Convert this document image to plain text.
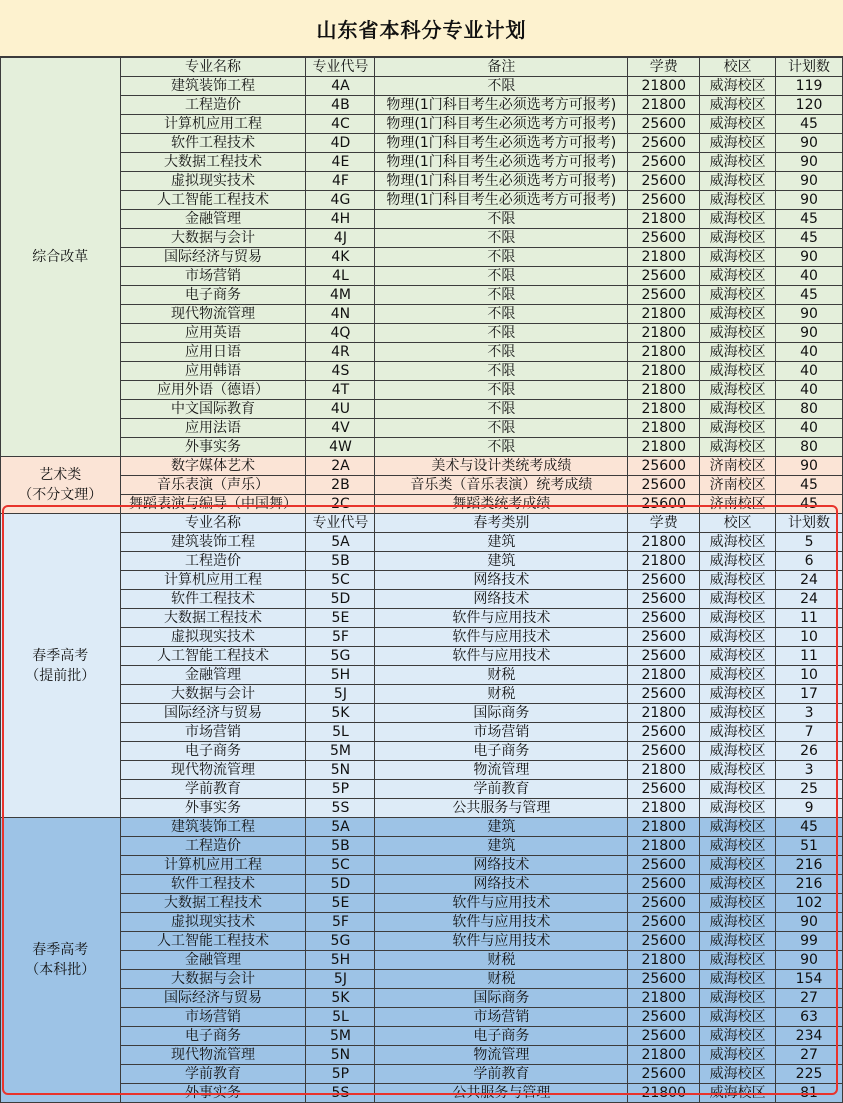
山东省本科分专业计划
综合改革	专业名称	专业代号	备注	学费	校区	计划数
	建筑装饰工程	4A	不限	21800	威海校区	119
	工程造价	4B	物理(1门科目考生必须选考方可报考)	21800	威海校区	120
	计算机应用工程	4C	物理(1门科目考生必须选考方可报考)	25600	威海校区	45
	软件工程技术	4D	物理(1门科目考生必须选考方可报考)	25600	威海校区	90
	大数据工程技术	4E	物理(1门科目考生必须选考方可报考)	25600	威海校区	90
	虚拟现实技术	4F	物理(1门科目考生必须选考方可报考)	25600	威海校区	90
	人工智能工程技术	4G	物理(1门科目考生必须选考方可报考)	25600	威海校区	90
	金融管理	4H	不限	21800	威海校区	45
	大数据与会计	4J	不限	25600	威海校区	45
	国际经济与贸易	4K	不限	21800	威海校区	90
	市场营销	4L	不限	25600	威海校区	40
	电子商务	4M	不限	25600	威海校区	45
	现代物流管理	4N	不限	21800	威海校区	90
	应用英语	4Q	不限	21800	威海校区	90
	应用日语	4R	不限	21800	威海校区	40
	应用韩语	4S	不限	21800	威海校区	40
	应用外语（德语）	4T	不限	21800	威海校区	40
	中文国际教育	4U	不限	21800	威海校区	80
	应用法语	4V	不限	21800	威海校区	40
	外事实务	4W	不限	21800	威海校区	80
艺术类
（不分文理）	数字媒体艺术	2A	美术与设计类统考成绩	25600	济南校区	90
	音乐表演（声乐）	2B	音乐类（音乐表演）统考成绩	25600	济南校区	45
	舞蹈表演与编导（中国舞）	2C	舞蹈类统考成绩	25600	济南校区	45
春季高考
（提前批）	专业名称	专业代号	春考类别	学费	校区	计划数
	建筑装饰工程	5A	建筑	21800	威海校区	5
	工程造价	5B	建筑	21800	威海校区	6
	计算机应用工程	5C	网络技术	25600	威海校区	24
	软件工程技术	5D	网络技术	25600	威海校区	24
	大数据工程技术	5E	软件与应用技术	25600	威海校区	11
	虚拟现实技术	5F	软件与应用技术	25600	威海校区	10
	人工智能工程技术	5G	软件与应用技术	25600	威海校区	11
	金融管理	5H	财税	21800	威海校区	10
	大数据与会计	5J	财税	25600	威海校区	17
	国际经济与贸易	5K	国际商务	21800	威海校区	3
	市场营销	5L	市场营销	25600	威海校区	7
	电子商务	5M	电子商务	25600	威海校区	26
	现代物流管理	5N	物流管理	21800	威海校区	3
	学前教育	5P	学前教育	25600	威海校区	25
	外事实务	5S	公共服务与管理	21800	威海校区	9
春季高考
（本科批）	建筑装饰工程	5A	建筑	21800	威海校区	45
	工程造价	5B	建筑	21800	威海校区	51
	计算机应用工程	5C	网络技术	25600	威海校区	216
	软件工程技术	5D	网络技术	25600	威海校区	216
	大数据工程技术	5E	软件与应用技术	25600	威海校区	102
	虚拟现实技术	5F	软件与应用技术	25600	威海校区	90
	人工智能工程技术	5G	软件与应用技术	25600	威海校区	99
	金融管理	5H	财税	21800	威海校区	90
	大数据与会计	5J	财税	25600	威海校区	154
	国际经济与贸易	5K	国际商务	21800	威海校区	27
	市场营销	5L	市场营销	25600	威海校区	63
	电子商务	5M	电子商务	25600	威海校区	234
	现代物流管理	5N	物流管理	21800	威海校区	27
	学前教育	5P	学前教育	25600	威海校区	225
	外事实务	5S	公共服务与管理	21800	威海校区	81
